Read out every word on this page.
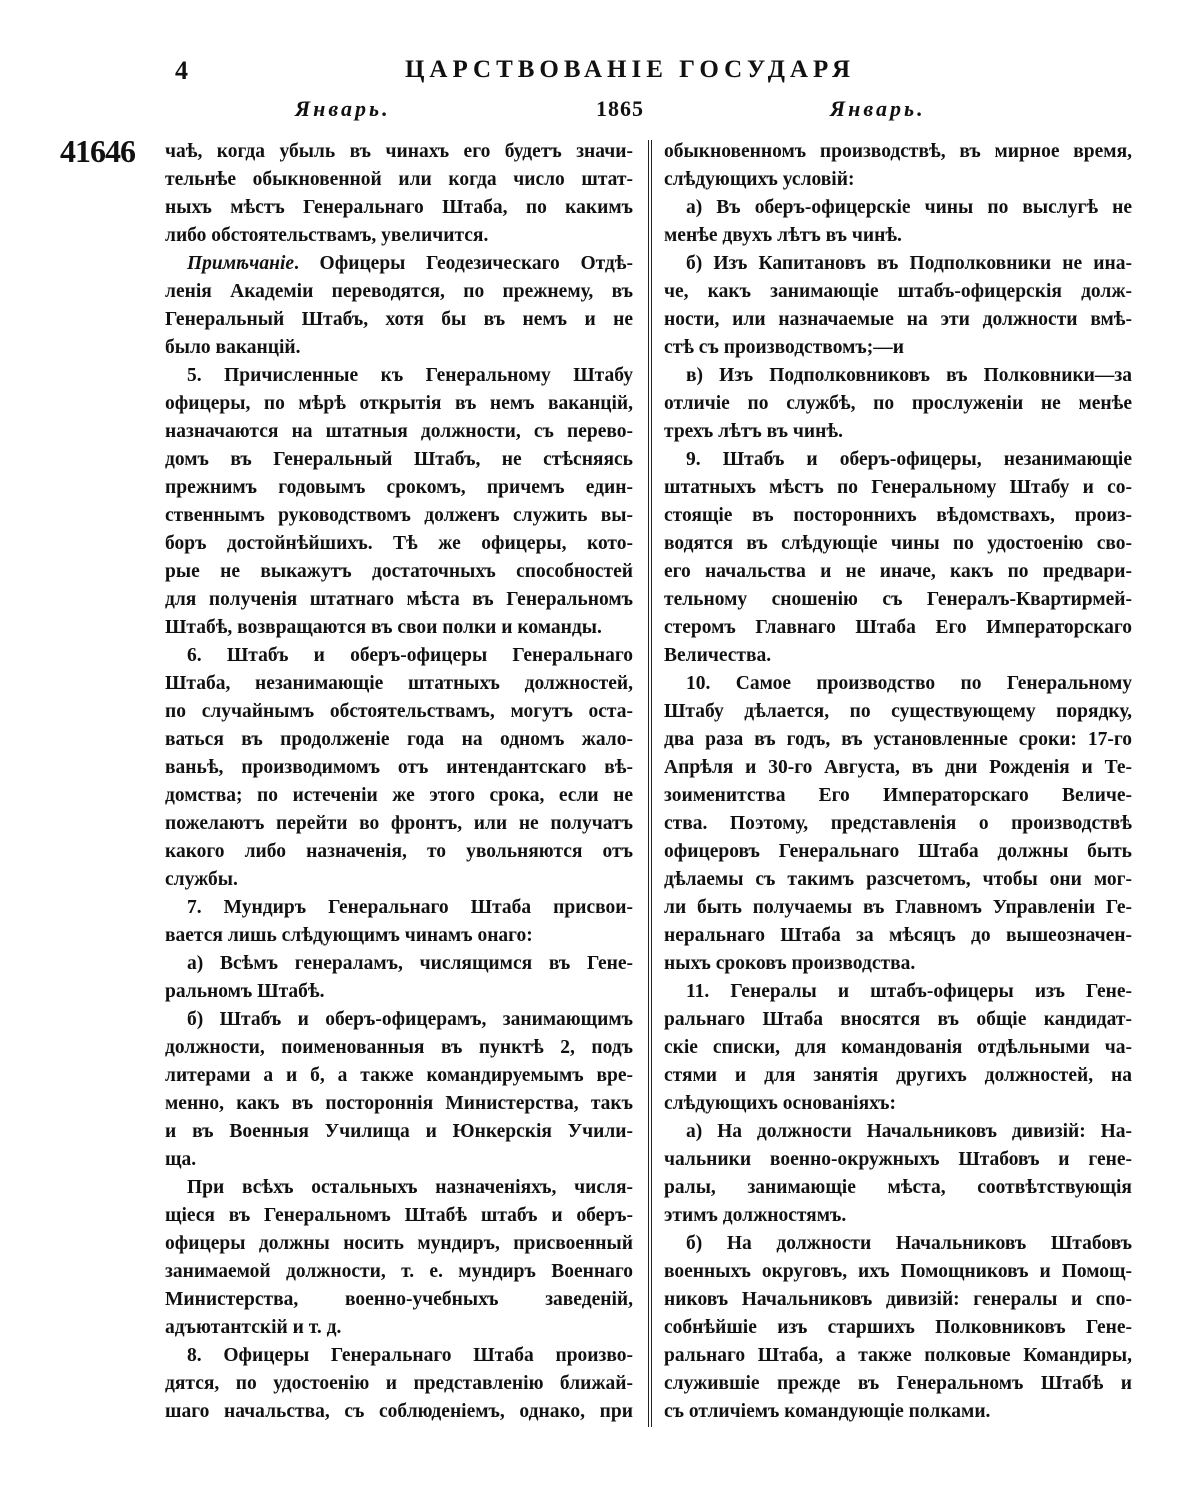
4	ЦАРСТВОВАНІЕ ГОСУДАРЯ
Январь.	1865	Январь.
41646 чаѣ, когда убыль въ чинахъ его будетъ значи-
тельнѣе обыкновенной или когда число штат-
ныхъ мѣстъ Генеральнаго Штаба, по какимъ
либо обстоятельствамъ, увеличится.
Примѣчаніе. Офицеры Геодезическаго Отдѣ-
ленія Академіи переводятся, по прежнему, въ
Генеральный Штабъ, хотя бы въ немъ и не
было ваканцій.
5. Причисленные къ Генеральному Штабу
офицеры, по мѣрѣ открытія въ немъ ваканцій,
назначаются на штатныя должности, съ перево-
домъ въ Генеральный Штабъ, не стѣсняясь
прежнимъ годовымъ срокомъ, причемъ един-
ственнымъ руководствомъ долженъ служить вы-
боръ достойнѣйшихъ. Тѣ же офицеры, кото-
рые не выкажутъ достаточныхъ способностей
для полученія штатнаго мѣста въ Генеральномъ
Штабѣ, возвращаются въ свои полки и команды.
6. Штабъ и оберъ-офицеры Генеральнаго
Штаба, незанимающіе штатныхъ должностей,
по случайнымъ обстоятельствамъ, могутъ оста-
ваться въ продолженіе года на одномъ жало-
ваньѣ, производимомъ отъ интендантскаго вѣ-
домства; по истеченіи же этого срока, если не
пожелаютъ перейти во фронтъ, или не получатъ
какого либо назначенія, то увольняются отъ
службы.
7. Мундиръ Генеральнаго Штаба присвои-
вается лишь слѣдующимъ чинамъ онаго:
а) Всѣмъ генераламъ, числящимся въ Гене-
ральномъ Штабѣ.
б) Штабъ и оберъ-офицерамъ, занимающимъ
должности, поименованныя въ пунктѣ 2, подъ
литерами а и б, а также командируемымъ вре-
менно, какъ въ постороннія Министерства, такъ
и въ Военныя Училища и Юнкерскія Учили-
ща.
При всѣхъ остальныхъ назначеніяхъ, числя-
щіеся въ Генеральномъ Штабѣ штабъ и оберъ-
офицеры должны носить мундиръ, присвоенный
занимаемой должности, т. е. мундиръ Военнаго
Министерства, военно-учебныхъ заведеній,
адъютантскій и т. д.
8. Офицеры Генеральнаго Штаба произво-
дятся, по удостоенію и представленію ближай-
шаго начальства, съ соблюденіемъ, однако, при
обыкновенномъ производствѣ, въ мирное время,
слѣдующихъ условій:
а) Въ оберъ-офицерскіе чины по выслугѣ не
менѣе двухъ лѣтъ въ чинѣ.
б) Изъ Капитановъ въ Подполковники не ина-
че, какъ занимающіе штабъ-офицерскія долж-
ности, или назначаемые на эти должности вмѣ-
стѣ съ производствомъ;—и
в) Изъ Подполковниковъ въ Полковники—за
отличіе по службѣ, по прослуженіи не менѣе
трехъ лѣтъ въ чинѣ.
9. Штабъ и оберъ-офицеры, незанимающіе
штатныхъ мѣстъ по Генеральному Штабу и со-
стоящіе въ постороннихъ вѣдомствахъ, произ-
водятся въ слѣдующіе чины по удостоенію сво-
его начальства и не иначе, какъ по предвари-
тельному сношенію съ Генералъ-Квартирмей-
стеромъ Главнаго Штаба Его Императорскаго
Величества.
10. Самое производство по Генеральному
Штабу дѣлается, по существующему порядку,
два раза въ годъ, въ установленные сроки: 17-го
Апрѣля и 30-го Августа, въ дни Рожденія и Те-
зоименитства Его Императорскаго Величе-
ства. Поэтому, представленія о производствѣ
офицеровъ Генеральнаго Штаба должны быть
дѣлаемы съ такимъ разсчетомъ, чтобы они мог-
ли быть получаемы въ Главномъ Управленіи Ге-
неральнаго Штаба за мѣсяцъ до вышеозначен-
ныхъ сроковъ производства.
11. Генералы и штабъ-офицеры изъ Гене-
ральнаго Штаба вносятся въ общіе кандидат-
скіе списки, для командованія отдѣльными ча-
стями и для занятія другихъ должностей, на
слѣдующихъ основаніяхъ:
а) На должности Начальниковъ дивизій: На-
чальники военно-окружныхъ Штабовъ и гене-
ралы, занимающіе мѣста, соотвѣтствующія
этимъ должностямъ.
б) На должности Начальниковъ Штабовъ
военныхъ округовъ, ихъ Помощниковъ и Помощ-
никовъ Начальниковъ дивизій: генералы и спо-
собнѣйшіе изъ старшихъ Полковниковъ Гене-
ральнаго Штаба, а также полковые Командиры,
служившіе прежде въ Генеральномъ Штабѣ и
съ отличіемъ командующіе полками.
